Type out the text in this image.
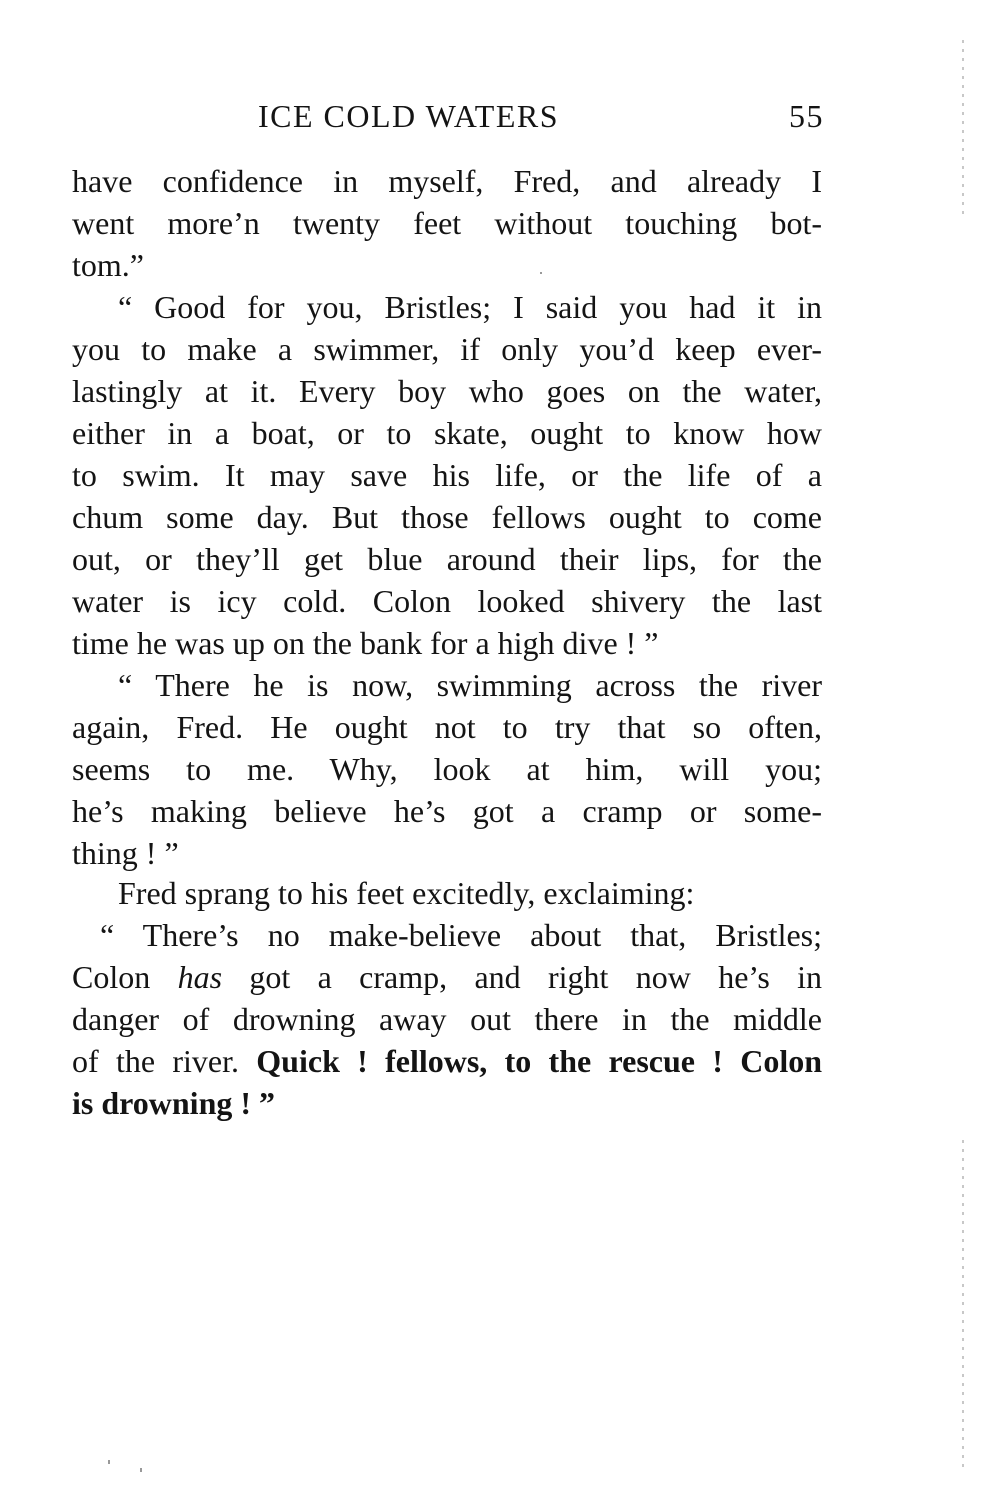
ICE COLD WATERS	55
have confidence in myself, Fred, and already I
went more’n twenty feet without touching bot-
tom.”
“ Good for you, Bristles; I said you had it in
you to make a swimmer, if only you’d keep ever-
lastingly at it. Every boy who goes on the water,
either in a boat, or to skate, ought to know how
to swim. It may save his life, or the life of a
chum some day. But those fellows ought to come
out, or they’ll get blue around their lips, for the
water is icy cold. Colon looked shivery the last
time he was up on the bank for a high dive ! ”
“ There he is now, swimming across the river
again, Fred. He ought not to try that so often,
seems to me. Why, look at him, will you;
he’s making believe he’s got a cramp or some-
thing ! ”
Fred sprang to his feet excitedly, exclaiming:
“ There’s no make-believe about that, Bristles;
Colon has got a cramp, and right now he’s in
danger of drowning away out there in the middle
of the river. Quick ! fellows, to the rescue ! Colon
is drowning ! ”
